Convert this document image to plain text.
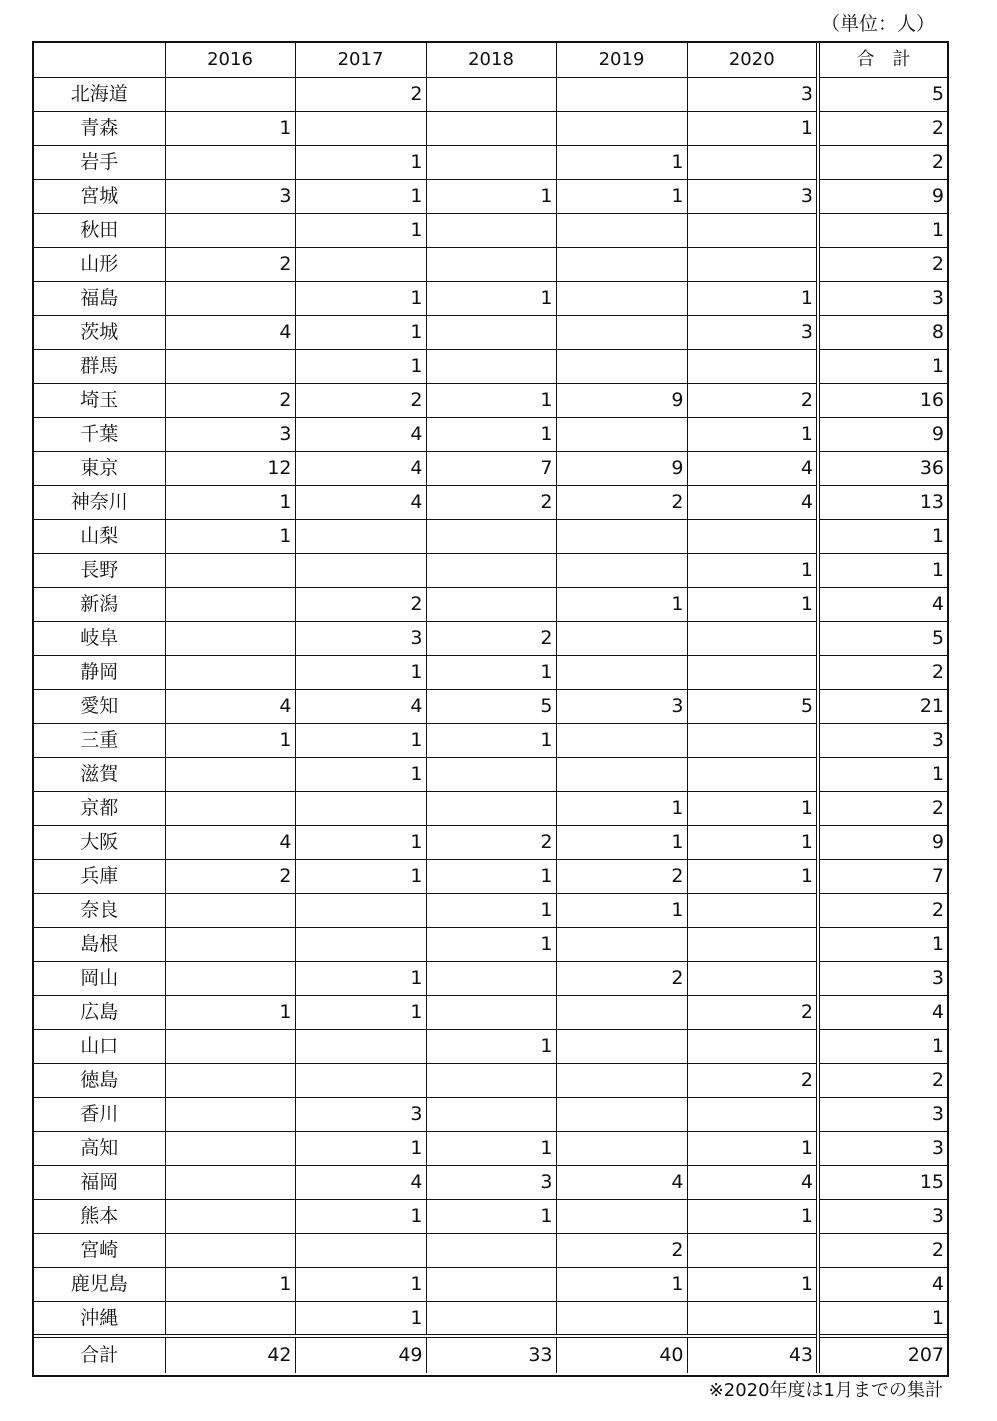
（単位：人）
	2016	2017	2018	2019	2020	合　計
北海道		2			3	5
青森	1				1	2
岩手		1		1		2
宮城	3	1	1	1	3	9
秋田		1				1
山形	2					2
福島		1	1		1	3
茨城	4	1			3	8
群馬		1				1
埼玉	2	2	1	9	2	16
千葉	3	4	1		1	9
東京	12	4	7	9	4	36
神奈川	1	4	2	2	4	13
山梨	1					1
長野					1	1
新潟		2		1	1	4
岐阜		3	2			5
静岡		1	1			2
愛知	4	4	5	3	5	21
三重	1	1	1			3
滋賀		1				1
京都				1	1	2
大阪	4	1	2	1	1	9
兵庫	2	1	1	2	1	7
奈良			1	1		2
島根			1			1
岡山		1		2		3
広島	1	1			2	4
山口			1			1
徳島					2	2
香川		3				3
高知		1	1		1	3
福岡		4	3	4	4	15
熊本		1	1		1	3
宮崎				2		2
鹿児島	1	1		1	1	4
沖縄		1				1
合計	42	49	33	40	43	207
※2020年度は1月までの集計
